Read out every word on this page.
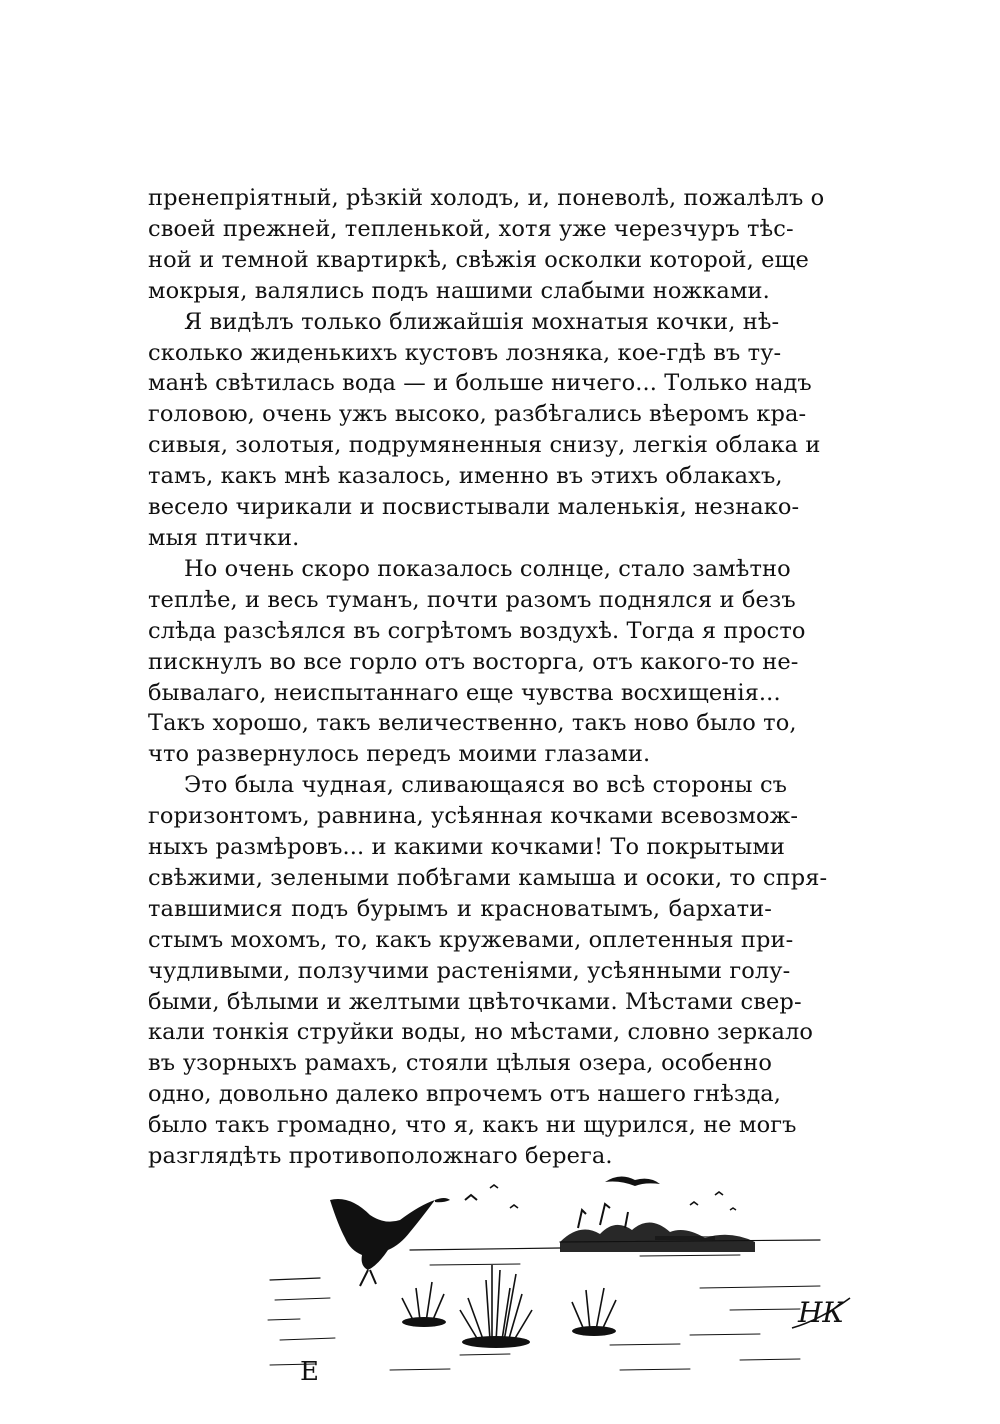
пренепріятный, рѣзкій холодъ, и, поневолѣ, пожалѣлъ о
своей прежней, тепленькой, хотя уже черезчуръ тѣс-
ной и темной квартиркѣ, свѣжія осколки которой, еще
мокрыя, валялись подъ нашими слабыми ножками.
Я видѣлъ только ближайшія мохнатыя кочки, нѣ-
сколько жиденькихъ кустовъ лозняка, кое-гдѣ въ ту-
манѣ свѣтилась вода — и больше ничего... Только надъ
головою, очень ужъ высоко, разбѣгались вѣеромъ кра-
сивыя, золотыя, подрумяненныя снизу, легкія облака и
тамъ, какъ мнѣ казалось, именно въ этихъ облакахъ,
весело чирикали и посвистывали маленькія, незнако-
мыя птички.
Но очень скоро показалось солнце, стало замѣтно
теплѣе, и весь туманъ, почти разомъ поднялся и безъ
слѣда разсѣялся въ согрѣтомъ воздухѣ. Тогда я просто
пискнулъ во все горло отъ восторга, отъ какого-то не-
бывалаго, неиспытаннаго еще чувства восхищенія...
Такъ хорошо, такъ величественно, такъ ново было то,
что развернулось передъ моими глазами.
Это была чудная, сливающаяся во всѣ стороны съ
горизонтомъ, равнина, усѣянная кочками всевозмож-
ныхъ размѣровъ... и какими кочками! То покрытыми
свѣжими, зелеными побѣгами камыша и осоки, то спря-
тавшимися подъ бурымъ и красноватымъ, бархати-
стымъ мохомъ, то, какъ кружевами, оплетенныя при-
чудливыми, ползучими растеніями, усѣянными голу-
быми, бѣлыми и желтыми цвѣточками. Мѣстами свер-
кали тонкія струйки воды, но мѣстами, словно зеркало
въ узорныхъ рамахъ, стояли цѣлыя озера, особенно
одно, довольно далеко впрочемъ отъ нашего гнѣзда,
было такъ громадно, что я, какъ ни щурился, не могъ
разглядѣть противоположнаго берега.
Е
НК
